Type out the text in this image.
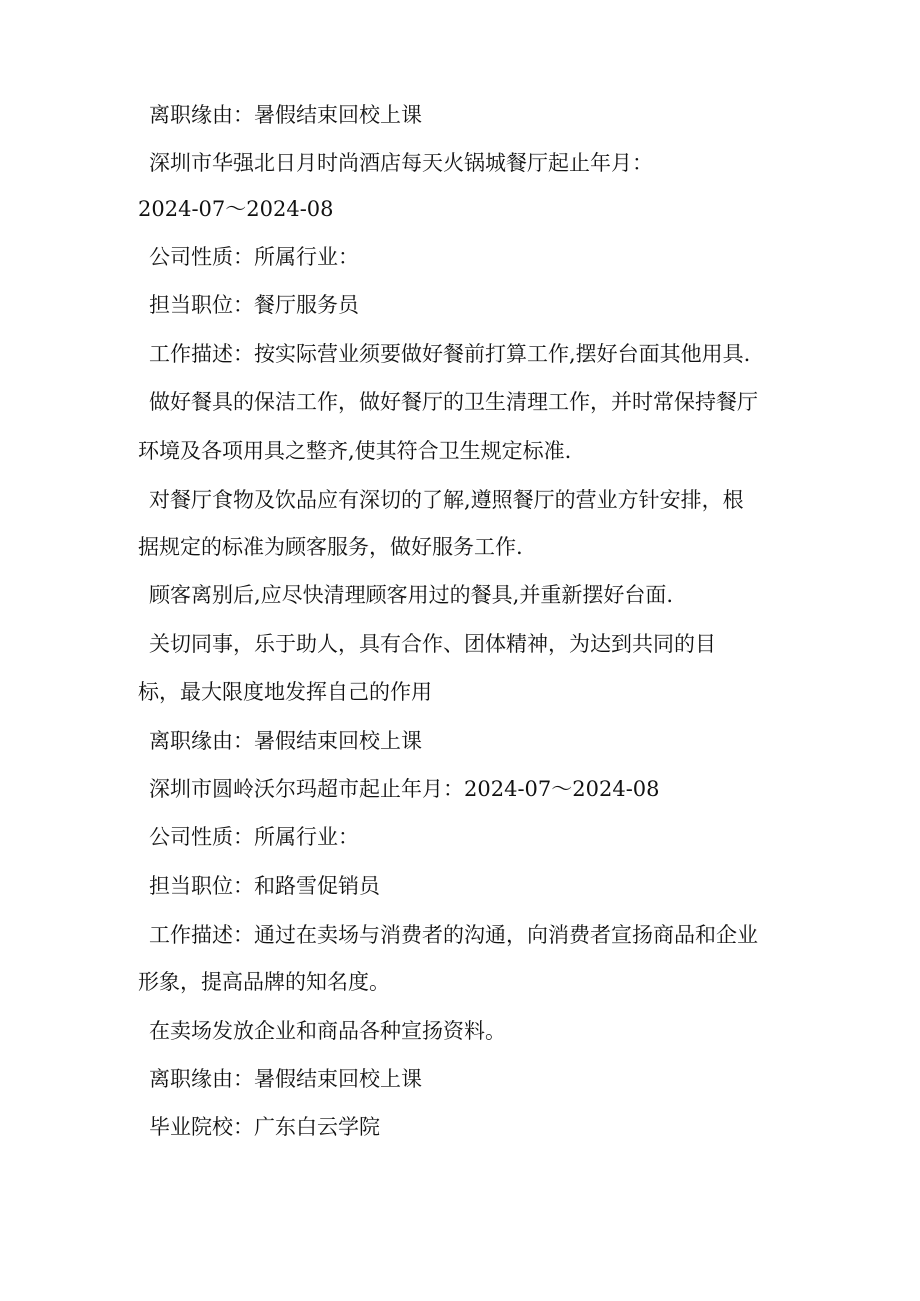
离职缘由：暑假结束回校上课

深圳市华强北日月时尚酒店每天火锅城餐厅起止年月：

2024-07～2024-08

公司性质：所属行业：

担当职位：餐厅服务员

工作描述：按实际营业须要做好餐前打算工作,摆好台面其他用具.

做好餐具的保洁工作，做好餐厅的卫生清理工作，并时常保持餐厅

环境及各项用具之整齐,使其符合卫生规定标准.

对餐厅食物及饮品应有深切的了解,遵照餐厅的营业方针安排，根

据规定的标准为顾客服务，做好服务工作.

顾客离别后,应尽快清理顾客用过的餐具,并重新摆好台面.

关切同事，乐于助人，具有合作、团体精神，为达到共同的目

标，最大限度地发挥自己的作用

离职缘由：暑假结束回校上课

深圳市圆岭沃尔玛超市起止年月：2024-07～2024-08

公司性质：所属行业：

担当职位：和路雪促销员

工作描述：通过在卖场与消费者的沟通，向消费者宣扬商品和企业

形象，提高品牌的知名度。

在卖场发放企业和商品各种宣扬资料。

离职缘由：暑假结束回校上课

毕业院校：广东白云学院
